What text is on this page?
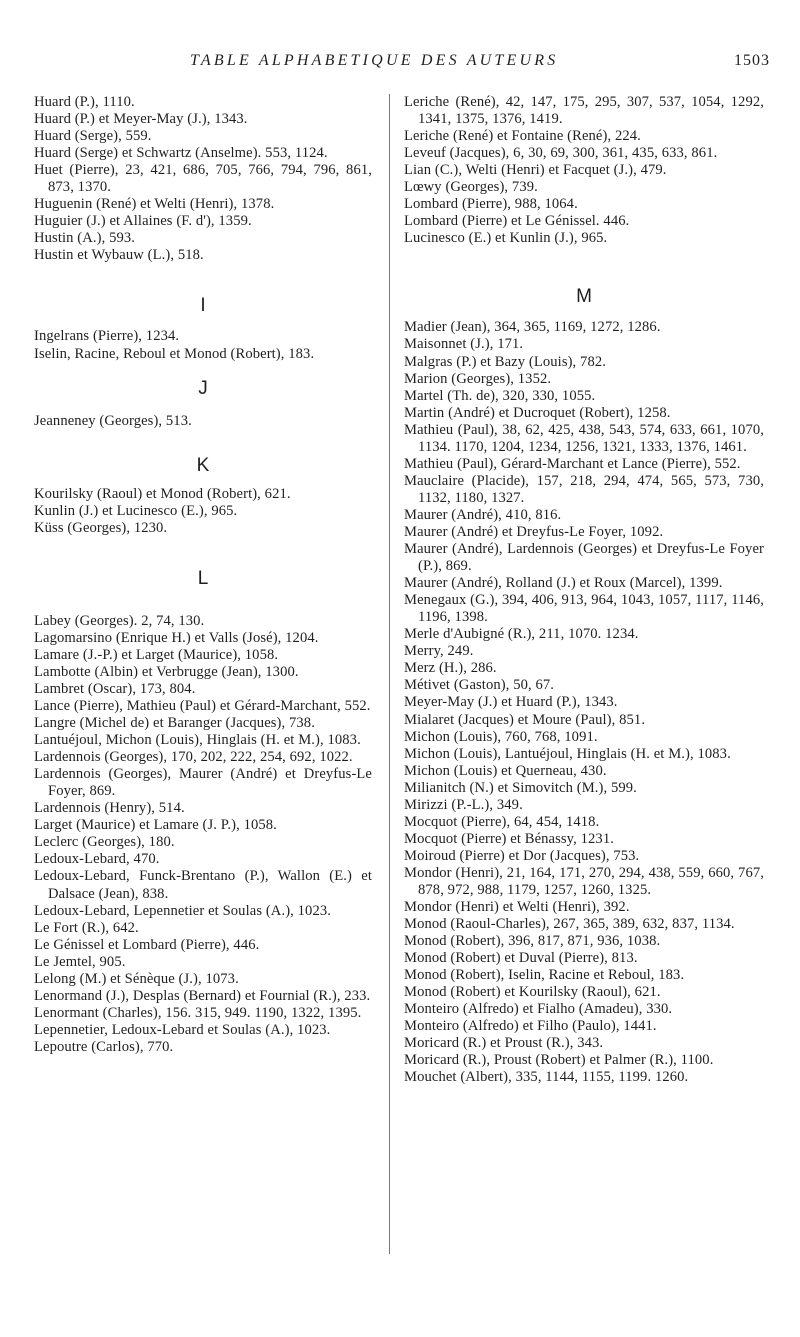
TABLE ALPHABETIQUE DES AUTEURS	1503

Huard (P.), 1110.

Huard (P.) et Meyer-May (J.), 1343.

Huard (Serge), 559.

Huard (Serge) et Schwartz (Anselme). 553, 1124.

Huet (Pierre), 23, 421, 686, 705, 766, 794, 796, 861, 873, 1370.

Huguenin (René) et Welti (Henri), 1378.

Huguier (J.) et Allaines (F. d'), 1359.

Hustin (A.), 593.

Hustin et Wybauw (L.), 518.

I

Ingelrans (Pierre), 1234.

Iselin, Racine, Reboul et Monod (Robert), 183.

J

Jeanneney (Georges), 513.

K

Kourilsky (Raoul) et Monod (Robert), 621.

Kunlin (J.) et Lucinesco (E.), 965.

Küss (Georges), 1230.

L

Labey (Georges). 2, 74, 130.

Lagomarsino (Enrique H.) et Valls (José), 1204.

Lamare (J.-P.) et Larget (Maurice), 1058.

Lambotte (Albin) et Verbrugge (Jean), 1300.

Lambret (Oscar), 173, 804.

Lance (Pierre), Mathieu (Paul) et Gérard-Marchant, 552.

Langre (Michel de) et Baranger (Jacques), 738.

Lantuéjoul, Michon (Louis), Hinglais (H. et M.), 1083.

Lardennois (Georges), 170, 202, 222, 254, 692, 1022.

Lardennois (Georges), Maurer (André) et Dreyfus-Le Foyer, 869.

Lardennois (Henry), 514.

Larget (Maurice) et Lamare (J. P.), 1058.

Leclerc (Georges), 180.

Ledoux-Lebard, 470.

Ledoux-Lebard, Funck-Brentano (P.), Wallon (E.) et Dalsace (Jean), 838.

Ledoux-Lebard, Lepennetier et Soulas (A.), 1023.

Le Fort (R.), 642.

Le Génissel et Lombard (Pierre), 446.

Le Jemtel, 905.

Lelong (M.) et Sénèque (J.), 1073.

Lenormand (J.), Desplas (Bernard) et Fournial (R.), 233.

Lenormant (Charles), 156. 315, 949. 1190, 1322, 1395.

Lepennetier, Ledoux-Lebard et Soulas (A.), 1023.

Lepoutre (Carlos), 770.

Leriche (René), 42, 147, 175, 295, 307, 537, 1054, 1292, 1341, 1375, 1376, 1419.

Leriche (René) et Fontaine (René), 224.

Leveuf (Jacques), 6, 30, 69, 300, 361, 435, 633, 861.

Lian (C.), Welti (Henri) et Facquet (J.), 479.

Lœwy (Georges), 739.

Lombard (Pierre), 988, 1064.

Lombard (Pierre) et Le Génissel. 446.

Lucinesco (E.) et Kunlin (J.), 965.

M

Madier (Jean), 364, 365, 1169, 1272, 1286.

Maisonnet (J.), 171.

Malgras (P.) et Bazy (Louis), 782.

Marion (Georges), 1352.

Martel (Th. de), 320, 330, 1055.

Martin (André) et Ducroquet (Robert), 1258.

Mathieu (Paul), 38, 62, 425, 438, 543, 574, 633, 661, 1070, 1134. 1170, 1204, 1234, 1256, 1321, 1333, 1376, 1461.

Mathieu (Paul), Gérard-Marchant et Lance (Pierre), 552.

Mauclaire (Placide), 157, 218, 294, 474, 565, 573, 730, 1132, 1180, 1327.

Maurer (André), 410, 816.

Maurer (André) et Dreyfus-Le Foyer, 1092.

Maurer (André), Lardennois (Georges) et Dreyfus-Le Foyer (P.), 869.

Maurer (André), Rolland (J.) et Roux (Marcel), 1399.

Menegaux (G.), 394, 406, 913, 964, 1043, 1057, 1117, 1146, 1196, 1398.

Merle d'Aubigné (R.), 211, 1070. 1234.

Merry, 249.

Merz (H.), 286.

Métivet (Gaston), 50, 67.

Meyer-May (J.) et Huard (P.), 1343.

Mialaret (Jacques) et Moure (Paul), 851.

Michon (Louis), 760, 768, 1091.

Michon (Louis), Lantuéjoul, Hinglais (H. et M.), 1083.

Michon (Louis) et Querneau, 430.

Milianitch (N.) et Simovitch (M.), 599.

Mirizzi (P.-L.), 349.

Mocquot (Pierre), 64, 454, 1418.

Mocquot (Pierre) et Bénassy, 1231.

Moiroud (Pierre) et Dor (Jacques), 753.

Mondor (Henri), 21, 164, 171, 270, 294, 438, 559, 660, 767, 878, 972, 988, 1179, 1257, 1260, 1325.

Mondor (Henri) et Welti (Henri), 392.

Monod (Raoul-Charles), 267, 365, 389, 632, 837, 1134.

Monod (Robert), 396, 817, 871, 936, 1038.

Monod (Robert) et Duval (Pierre), 813.

Monod (Robert), Iselin, Racine et Reboul, 183.

Monod (Robert) et Kourilsky (Raoul), 621.

Monteiro (Alfredo) et Fialho (Amadeu), 330.

Monteiro (Alfredo) et Filho (Paulo), 1441.

Moricard (R.) et Proust (R.), 343.

Moricard (R.), Proust (Robert) et Palmer (R.), 1100.

Mouchet (Albert), 335, 1144, 1155, 1199. 1260.
